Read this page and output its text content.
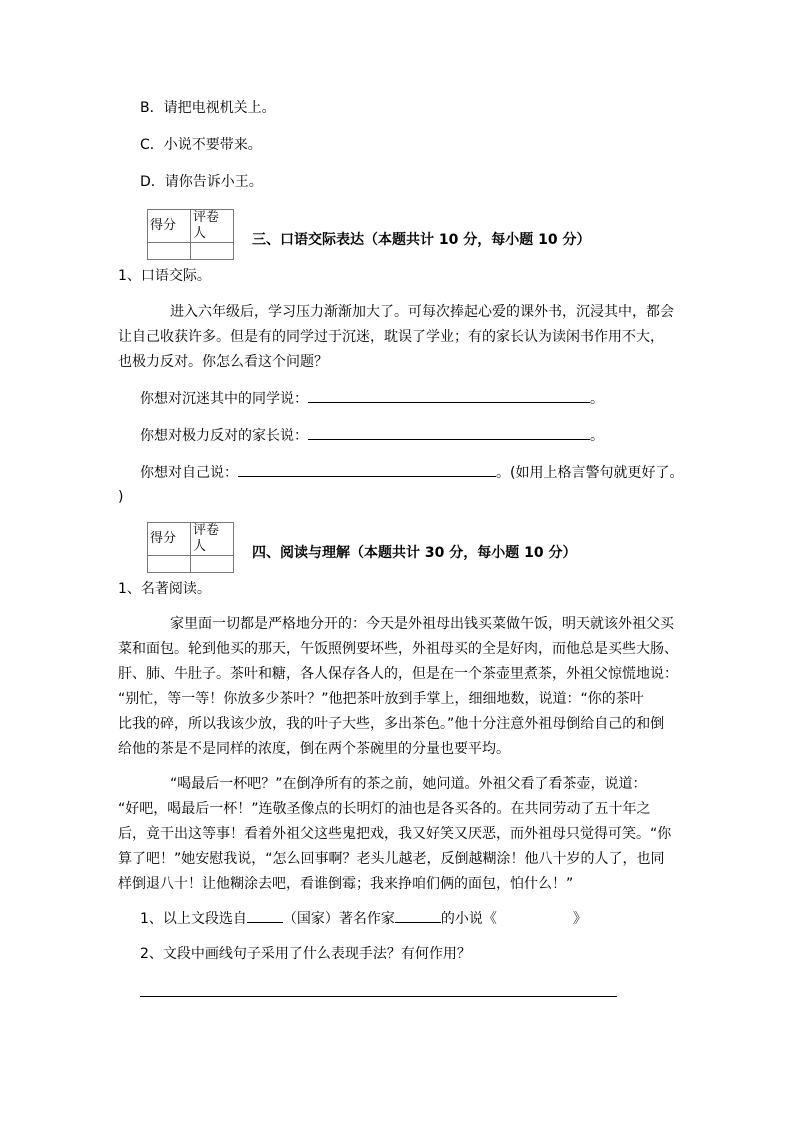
B．请把电视机关上。
C．小说不要带来。
D．请你告诉小王。
得分	评卷人
		三、口语交际表达（本题共计 10 分，每小题 10 分）
1、口语交际。
进入六年级后，学习压力渐渐加大了。可每次捧起心爱的课外书，沉浸其中，都会
让自己收获许多。但是有的同学过于沉迷，耽误了学业；有的家长认为读闲书作用不大，
也极力反对。你怎么看这个问题？
你想对沉迷其中的同学说：	。
你想对极力反对的家长说：	。
你想对自己说：	。(如用上格言警句就更好了。
)
得分	评卷人
		四、阅读与理解（本题共计 30 分，每小题 10 分）
1、名著阅读。
家里面一切都是严格地分开的：今天是外祖母出钱买菜做午饭，明天就该外祖父买
菜和面包。轮到他买的那天，午饭照例要坏些，外祖母买的全是好肉，而他总是买些大肠、
肝、肺、牛肚子。茶叶和糖，各人保存各人的，但是在一个茶壶里煮茶，外祖父惊慌地说：
“别忙，等一等！你放多少茶叶？”他把茶叶放到手掌上，细细地数，说道：“你的茶叶
比我的碎，所以我该少放，我的叶子大些，多出茶色。”他十分注意外祖母倒给自己的和倒
给他的茶是不是同样的浓度，倒在两个茶碗里的分量也要平均。
“喝最后一杯吧？”在倒净所有的茶之前，她问道。外祖父看了看茶壶，说道：
“好吧，喝最后一杯！”连敬圣像点的长明灯的油也是各买各的。在共同劳动了五十年之
后，竟干出这等事！看着外祖父这些鬼把戏，我又好笑又厌恶，而外祖母只觉得可笑。“你
算了吧！”她安慰我说，“怎么回事啊？老头儿越老，反倒越糊涂！他八十岁的人了，也同
样倒退八十！让他糊涂去吧，看谁倒霉；我来挣咱们俩的面包，怕什么！”
1、以上文段选自	（国家）著名作家	的小说《	》
2、文段中画线句子采用了什么表现手法？有何作用？
